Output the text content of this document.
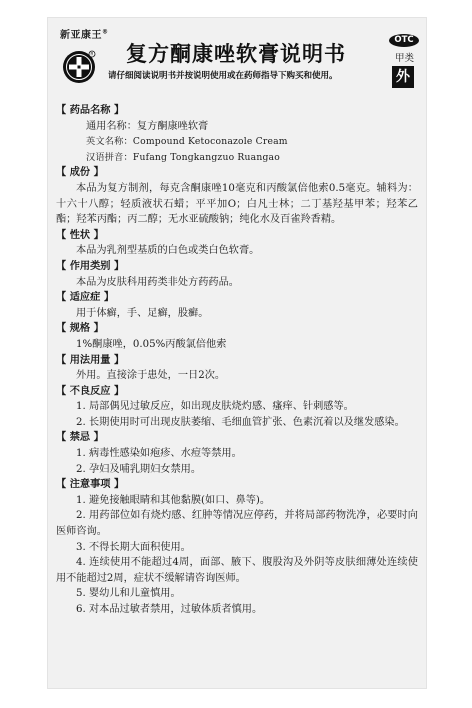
新亚康王®
R 复方酮康唑软膏说明书
请仔细阅读说明书并按说明使用或在药师指导下购买和使用。
OTC
甲类
外
【 药品名称 】
通用名称：复方酮康唑软膏
英文名称：Compound Ketoconazole Cream
汉语拼音：Fufang Tongkangzuo Ruangao
【 成份 】
本品为复方制剂，每克含酮康唑10毫克和丙酸氯倍他索0.5毫克。辅料为：十六十八醇；轻质液状石蜡；平平加O；白凡士林；二丁基羟基甲苯；羟苯乙酯；羟苯丙酯；丙二醇；无水亚硫酸钠；纯化水及百雀羚香精。
【 性状 】
本品为乳剂型基质的白色或类白色软膏。
【 作用类别 】
本品为皮肤科用药类非处方药药品。
【 适应症 】
用于体癣，手、足癣，股癣。
【 规格 】
1%酮康唑，0.05%丙酸氯倍他索
【 用法用量 】
外用。直接涂于患处，一日2次。
【 不良反应 】
1. 局部偶见过敏反应，如出现皮肤烧灼感、瘙痒、针刺感等。
2. 长期使用时可出现皮肤萎缩、毛细血管扩张、色素沉着以及继发感染。
【 禁忌 】
1. 病毒性感染如疱疹、水痘等禁用。
2. 孕妇及哺乳期妇女禁用。
【 注意事项 】
1. 避免接触眼睛和其他黏膜(如口、鼻等)。
2. 用药部位如有烧灼感、红肿等情况应停药，并将局部药物洗净，必要时向医师咨询。
3. 不得长期大面积使用。
4. 连续使用不能超过4周，面部、腋下、腹股沟及外阴等皮肤细薄处连续使用不能超过2周，症状不缓解请咨询医师。
5. 婴幼儿和儿童慎用。
6. 对本品过敏者禁用，过敏体质者慎用。
